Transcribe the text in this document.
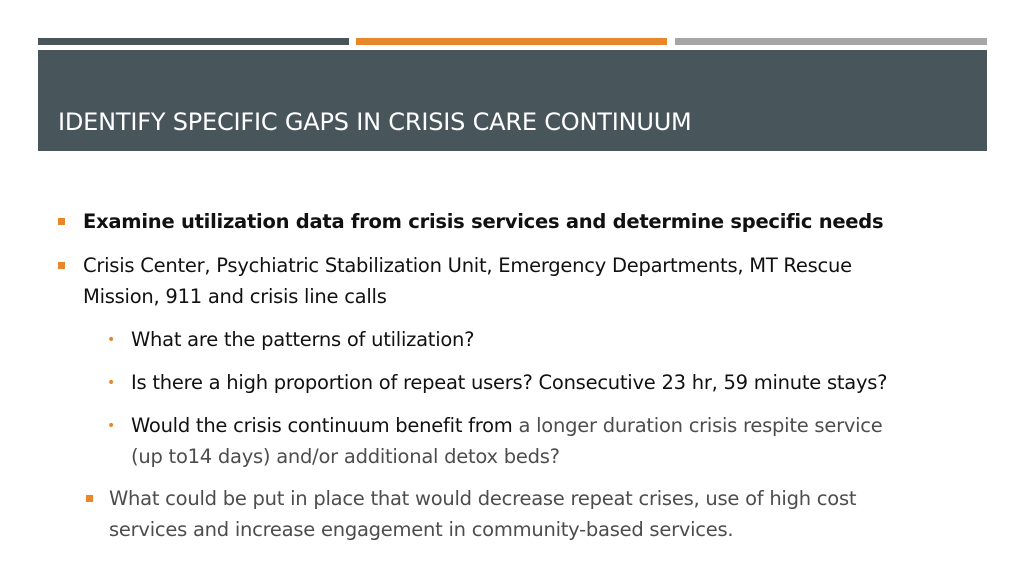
IDENTIFY SPECIFIC GAPS IN CRISIS CARE CONTINUUM
Examine utilization data from crisis services and determine specific needs
Crisis Center, Psychiatric Stabilization Unit, Emergency Departments, MT Rescue
Mission, 911 and crisis line calls
• What are the patterns of utilization?
• Is there a high proportion of repeat users? Consecutive 23 hr, 59 minute stays?
• Would the crisis continuum benefit from a longer duration crisis respite service
(up to14 days) and/or additional detox beds?
What could be put in place that would decrease repeat crises, use of high cost
services and increase engagement in community-based services.
